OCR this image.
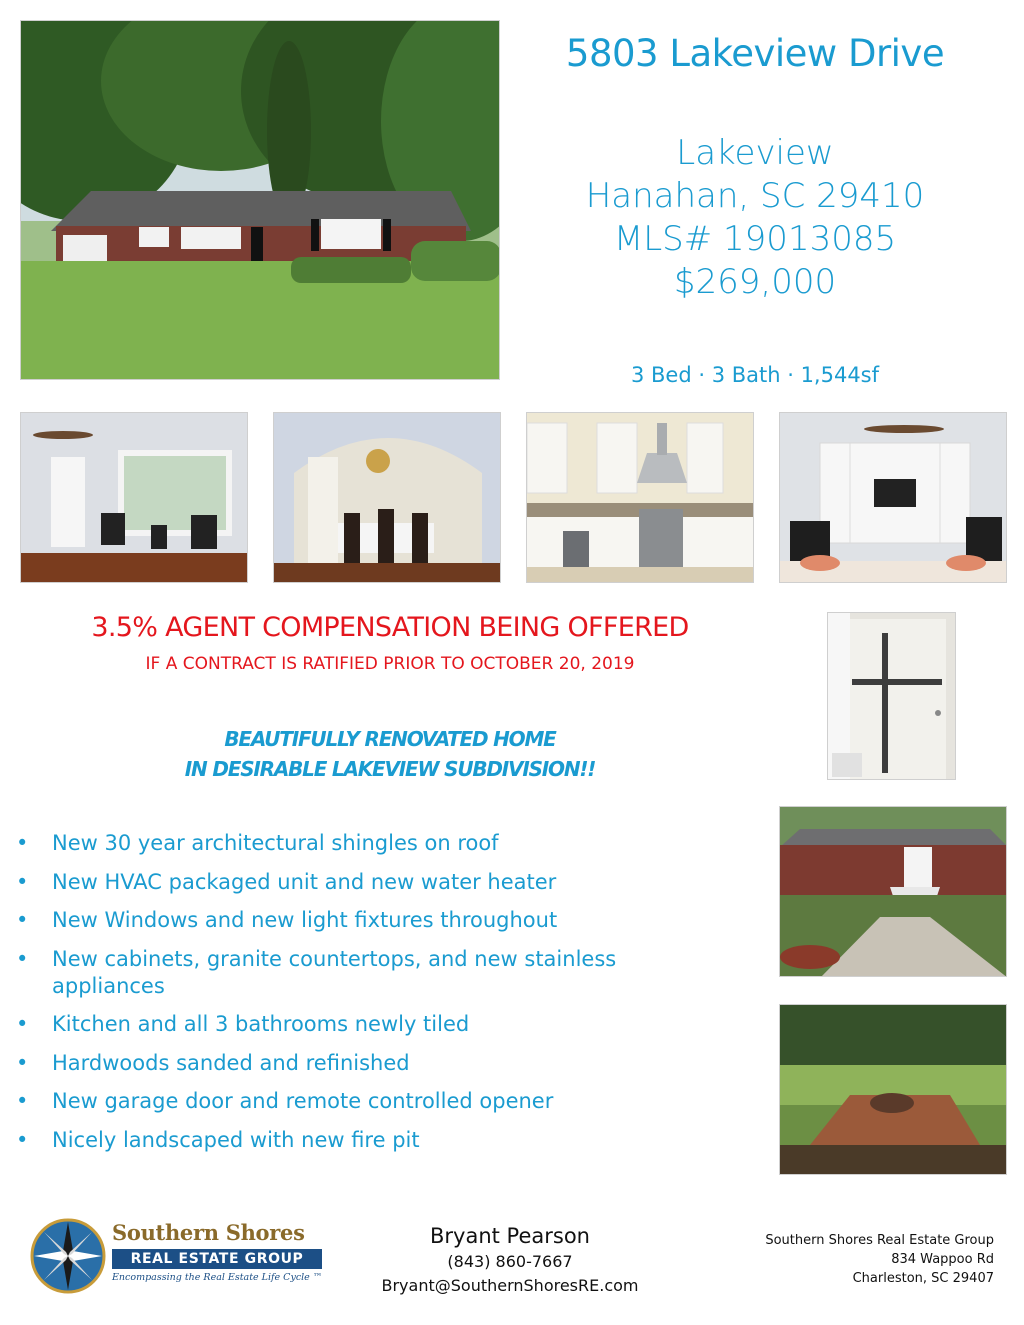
5803 Lakeview Drive
Lakeview
Hanahan, SC 29410
MLS# 19013085
$269,000
3 Bed · 3 Bath · 1,544sf
3.5% AGENT COMPENSATION BEING OFFERED
IF A CONTRACT IS RATIFIED PRIOR TO OCTOBER 20, 2019
BEAUTIFULLY RENOVATED HOME
IN DESIRABLE LAKEVIEW SUBDIVISION!!
• New 30 year architectural shingles on roof
• New HVAC packaged unit and new water heater
• New Windows and new light fixtures throughout
• New cabinets, granite countertops, and new stainless appliances
• Kitchen and all 3 bathrooms newly tiled
• Hardwoods sanded and refinished
• New garage door and remote controlled opener
• Nicely landscaped with new fire pit
Southern Shores
REAL ESTATE GROUP
Encompassing the Real Estate Life Cycle ™
Bryant Pearson
(843) 860-7667
Bryant@SouthernShoresRE.com
Southern Shores Real Estate Group
834 Wappoo Rd
Charleston, SC 29407
